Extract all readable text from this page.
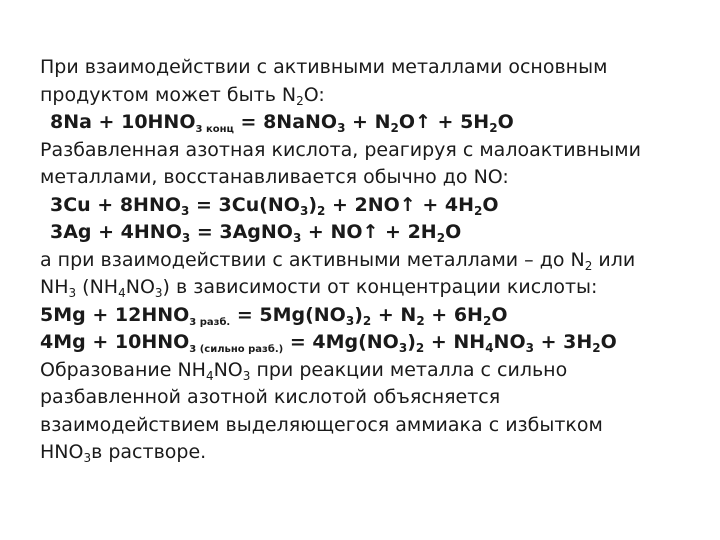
При взаимодействии с активными металлами основным
продуктом может быть $N_2O$:
$8Na + 10HNO_{3 конц}$ = 8NaNO$_3$ + $N_2O↑ + 5H_2O$
Разбавленная азотная кислота, реагируя с малоактивными
металлами, восстанавливается обычно до NO:
$3Cu + 8HNO_3 = 3Cu(NO_3)_2$ + 2NO↑ + $4H_2O$
$3Ag + 4HNO_3$ = 3AgNO$_3$ + NO↑ + $2H_2O$
а при взаимодействии с активными металлами – до $N_2$ или
$NH_3$ $(NH_4NO_3)$ в зависимости от концентрации кислоты:
$5Mg + 12HNO_{3 разб.} = 5Mg(NO_3)_2 + N_2 + 6H_2O$
$4Mg + 10HNO_{3 (сильно разб.)} = 4Mg(NO_3)_2 + NH_4NO_3 + 3H_2O$
Образование $NH_4NO_3$ при реакции металла с сильно
разбавленной азотной кислотой объясняется
взаимодействием выделяющегося аммиака с избытком
$HNO_3в$ растворе.
